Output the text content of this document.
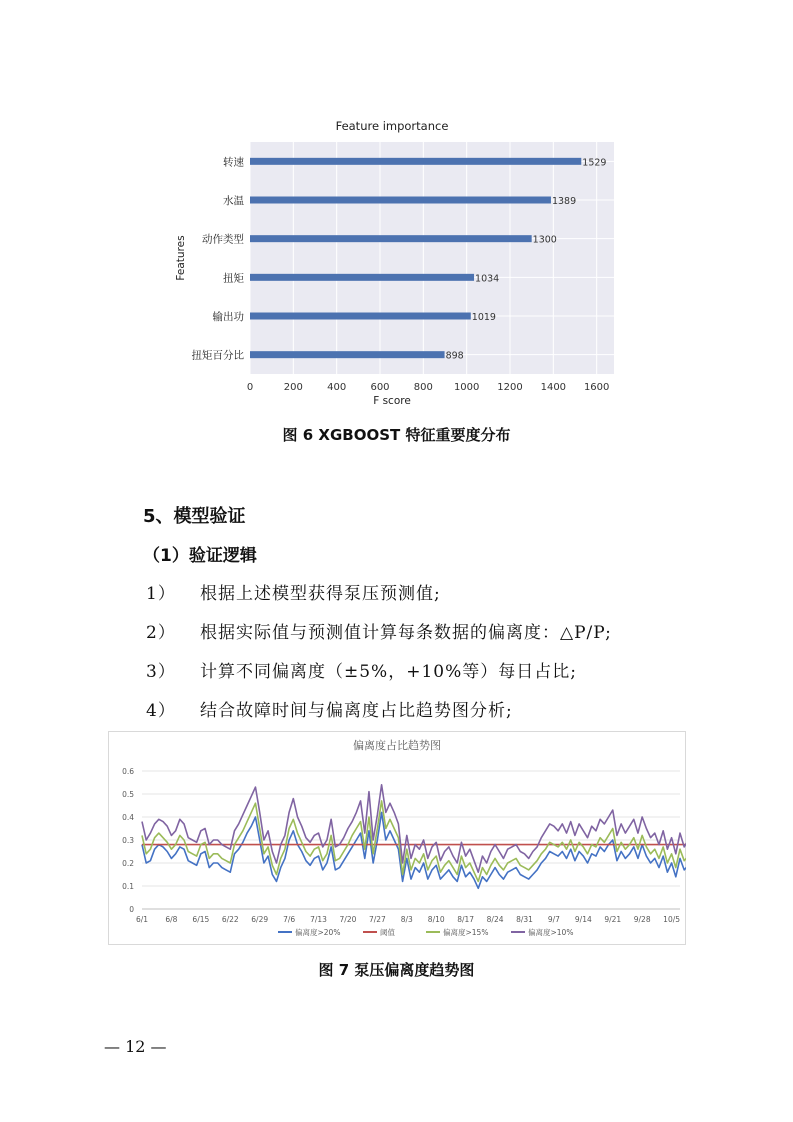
0	200 400 600 800 1000 1200 1400 1600
转速	1529
水温	1389
动作类型	1300
扭矩	1034
输出功	1019
扭矩百分比	898
Feature importance
F score
Features
图 6 XGBOOST 特征重要度分布
5、模型验证
（1）验证逻辑
1） 根据上述模型获得泵压预测值;
2） 根据实际值与预测值计算每条数据的偏离度：△P/P;
3） 计算不同偏离度（±5%，+10%等）每日占比;
4） 结合故障时间与偏离度占比趋势图分析;
0
0.1
0.2
0.3
0.4
0.5
0.6
6/1 6/8 6/15 6/22 6/29 7/6 7/13 7/20 7/27 8/3 8/10 8/17 8/24 8/31 9/7 9/14 9/21 9/28 10/5
偏离度占比趋势图
偏离度>20%	阈值	偏离度>15%	偏离度>10%
图 7 泵压偏离度趋势图
— 12 —
